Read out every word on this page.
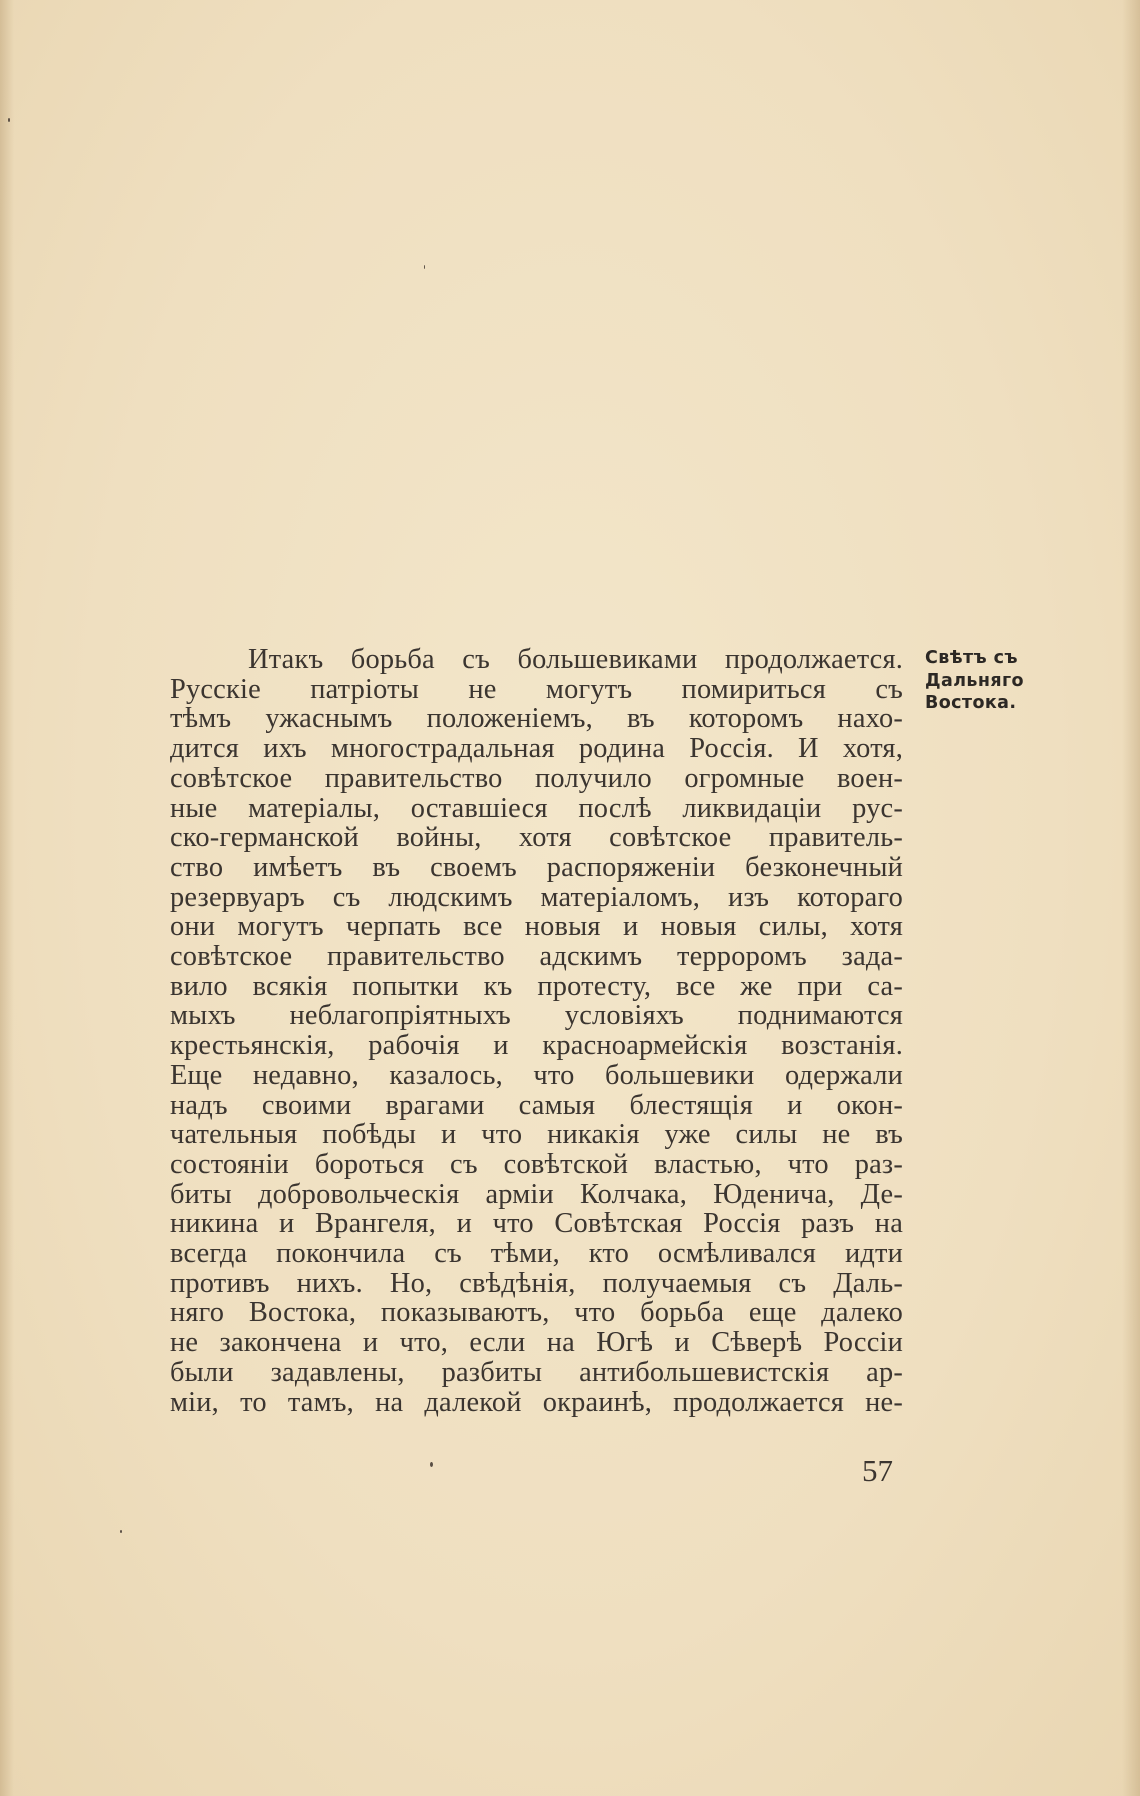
Свѣтъ съ
Дальняго
Востока.
Итакъ борьба съ большевиками продолжается.
Русскіе патріоты не могутъ помириться съ
тѣмъ ужаснымъ положеніемъ, въ которомъ нахо-
дится ихъ многострадальная родина Россія. И хотя,
совѣтское правительство получило огромные воен-
ные матеріалы, оставшіеся послѣ ликвидаціи рус-
ско-германской войны, хотя совѣтское правитель-
ство имѣетъ въ своемъ распоряженіи безконечный
резервуаръ съ людскимъ матеріаломъ, изъ котораго
они могутъ черпать все новыя и новыя силы, хотя
совѣтское правительство адскимъ терроромъ зада-
вило всякія попытки къ протесту, все же при са-
мыхъ неблагопріятныхъ условіяхъ поднимаются
крестьянскія, рабочія и красноармейскія возстанія.
Еще недавно, казалось, что большевики одержали
надъ своими врагами самыя блестящія и окон-
чательныя побѣды и что никакія уже силы не въ
состояніи бороться съ совѣтской властью, что раз-
биты добровольческія арміи Колчака, Юденича, Де-
никина и Врангеля, и что Совѣтская Россія разъ на
всегда покончила съ тѣми, кто осмѣливался идти
противъ нихъ. Но, свѣдѣнія, получаемыя съ Даль-
няго Востока, показываютъ, что борьба еще далеко
не закончена и что, если на Югѣ и Сѣверѣ Россіи
были задавлены, разбиты антибольшевистскія ар-
міи, то тамъ, на далекой окраинѣ, продолжается не-
57
